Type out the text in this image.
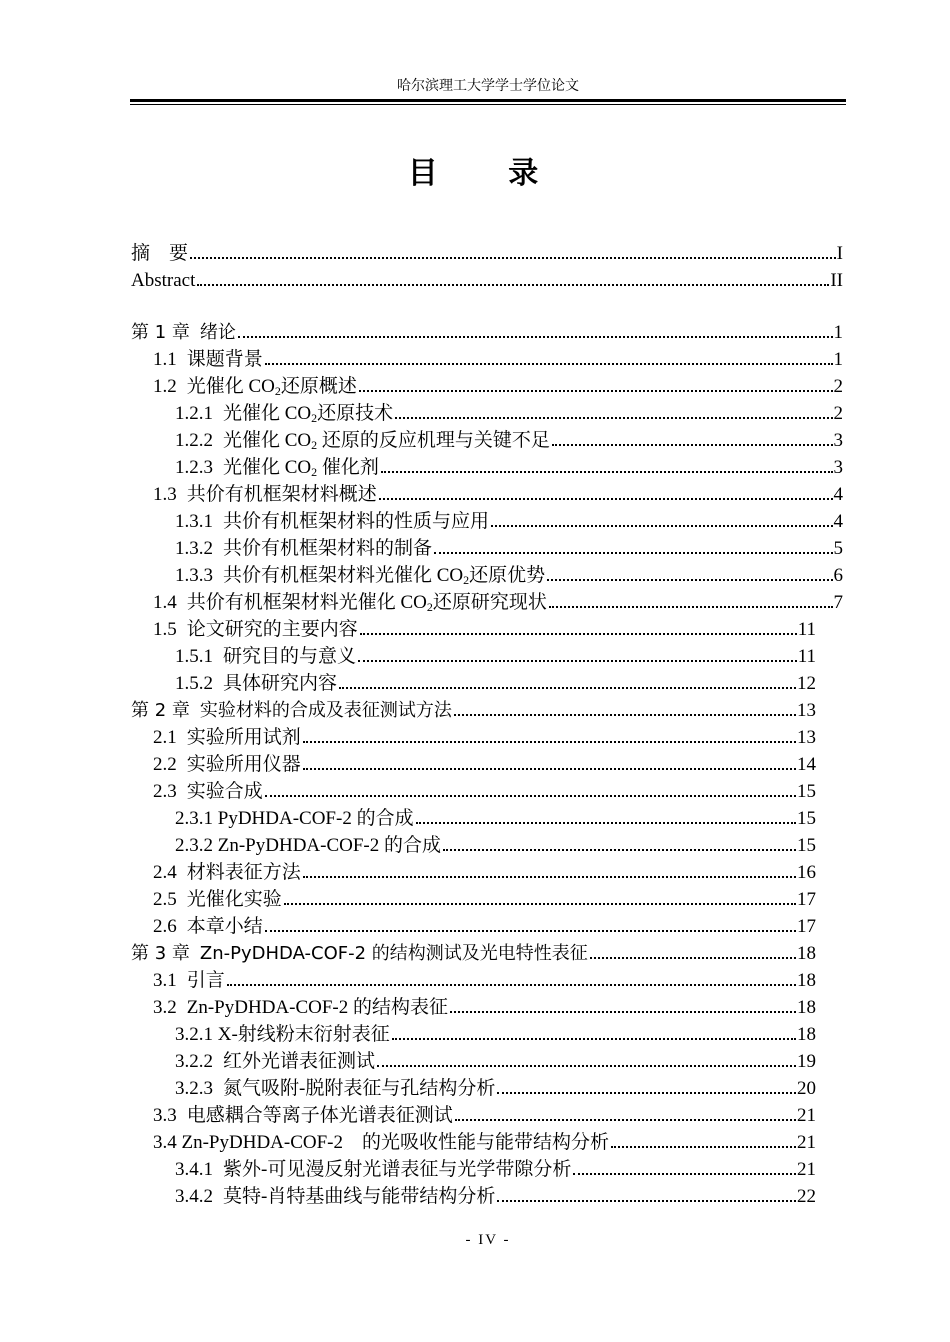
哈尔滨理工大学学士学位论文
目 录
摘　要	I
Abstract	II
第 1 章 绪论	1
1.1 课题背景	1
1.2 光催化 $CO_2$还原概述	2
1.2.1 光催化 $CO_2$还原技术	2
1.2.2 光催化 $CO_2$ 还原的反应机理与关键不足	3
1.2.3 光催化 $CO_2$ 催化剂	3
1.3 共价有机框架材料概述	4
1.3.1 共价有机框架材料的性质与应用	4
1.3.2 共价有机框架材料的制备	5
1.3.3 共价有机框架材料光催化 $CO_2$还原优势	6
1.4 共价有机框架材料光催化 $CO_2$还原研究现状	7
1.5 论文研究的主要内容	11
1.5.1 研究目的与意义	11
1.5.2 具体研究内容	12
第 2 章 实验材料的合成及表征测试方法	13
2.1 实验所用试剂	13
2.2 实验所用仪器	14
2.3 实验合成	15
2.3.1 PyDHDA-COF-2 的合成	15
2.3.2 Zn-PyDHDA-COF-2 的合成	15
2.4 材料表征方法	16
2.5 光催化实验	17
2.6 本章小结	17
第 3 章 Zn-PyDHDA-COF-2 的结构测试及光电特性表征	18
3.1 引言	18
3.2 Zn-PyDHDA-COF-2 的结构表征	18
3.2.1 X-射线粉末衍射表征	18
3.2.2 红外光谱表征测试	19
3.2.3 氮气吸附-脱附表征与孔结构分析	20
3.3 电感耦合等离子体光谱表征测试	21
3.4 Zn-PyDHDA-COF-2　的光吸收性能与能带结构分析	21
3.4.1 紫外-可见漫反射光谱表征与光学带隙分析	21
3.4.2 莫特-肖特基曲线与能带结构分析	22
- IV -
